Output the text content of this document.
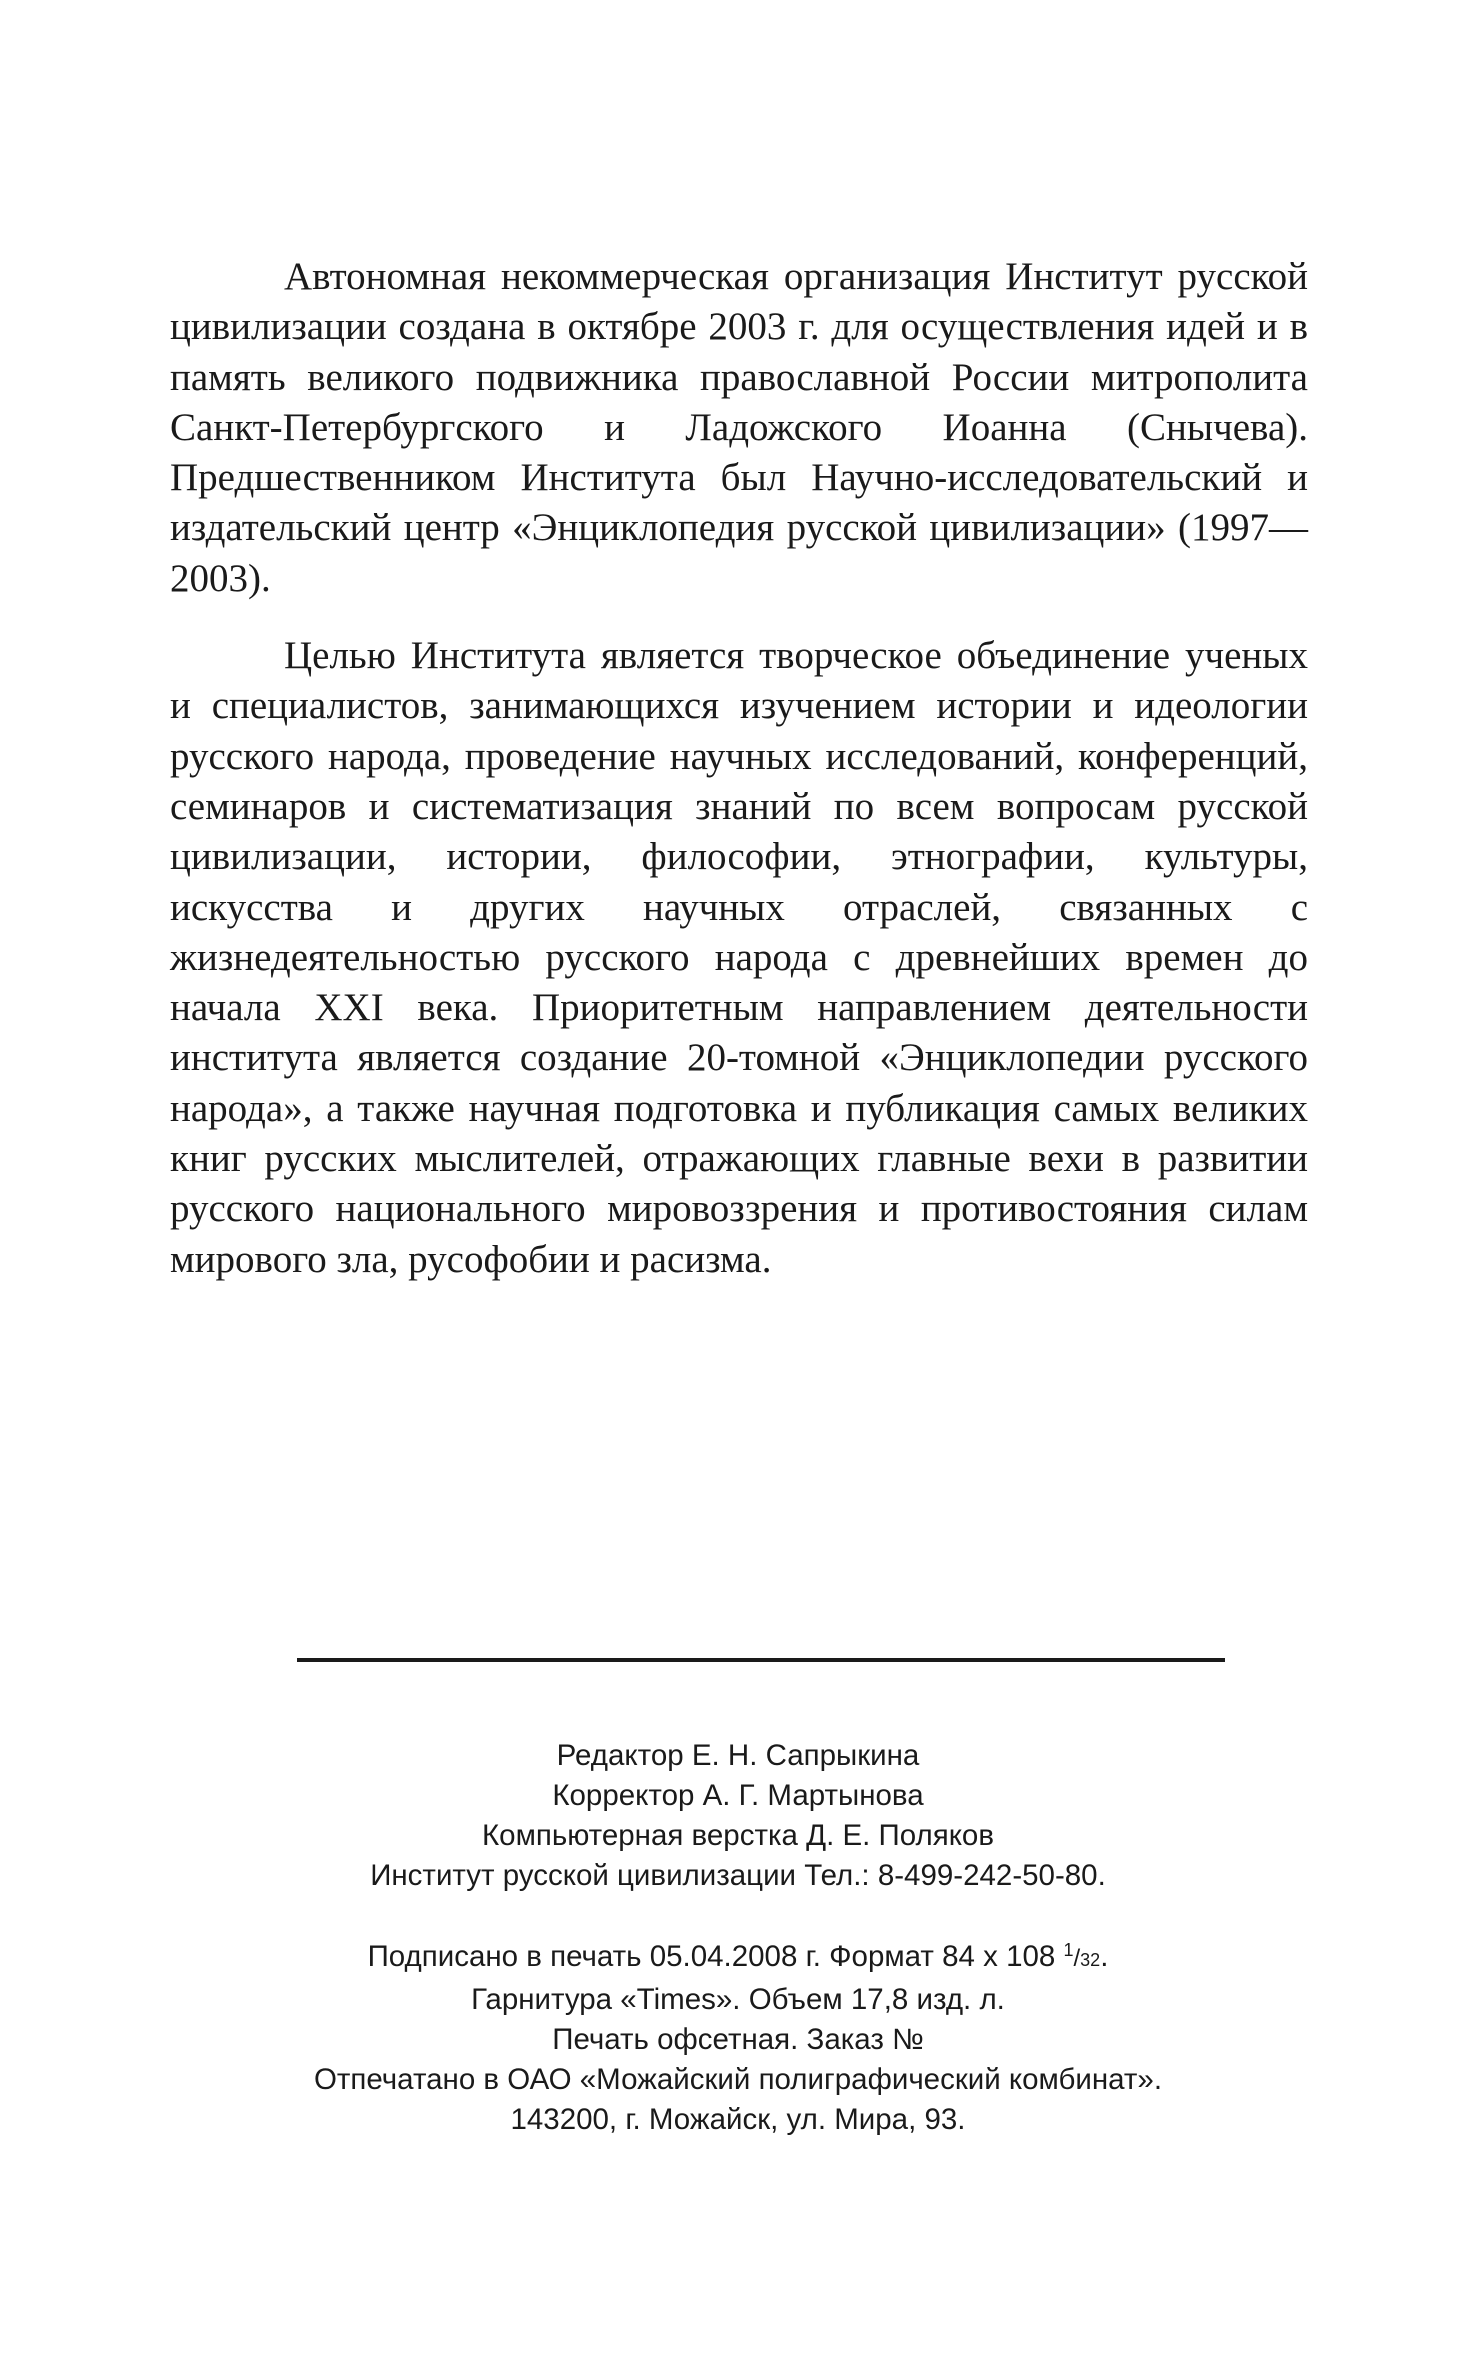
Автономная некоммерческая организация Институт русской цивилизации создана в октябре 2003 г. для осуществления идей и в память великого подвижника православной России митрополита Санкт-Петербургского и Ладожского Иоанна (Снычева). Предшественником Института был Научно-исследовательский и издательский центр «Энциклопедия русской цивилизации» (1997—2003).

Целью Института является творческое объединение ученых и специалистов, занимающихся изучением истории и идеологии русского народа, проведение научных исследований, конференций, семинаров и систематизация знаний по всем вопросам русской цивилизации, истории, философии, этнографии, культуры, искусства и других научных отраслей, связанных с жизнедеятельностью русского народа с древнейших времен до начала XXI века. Приоритетным направлением деятельности института является создание 20-томной «Энциклопедии русского народа», а также научная подготовка и публикация самых великих книг русских мыслителей, отражающих главные вехи в развитии русского национального мировоззрения и противостояния силам мирового зла, русофобии и расизма.

Редактор Е. Н. Сапрыкина
Корректор А. Г. Мартынова
Компьютерная верстка Д. Е. Поляков
Институт русской цивилизации Тел.: 8-499-242-50-80.
Подписано в печать 05.04.2008 г. Формат 84 х 108 $^1$/32.
Гарнитура «Times». Объем 17,8 изд. л.
Печать офсетная. Заказ №
Отпечатано в ОАО «Можайский полиграфический комбинат».
143200, г. Можайск, ул. Мира, 93.
